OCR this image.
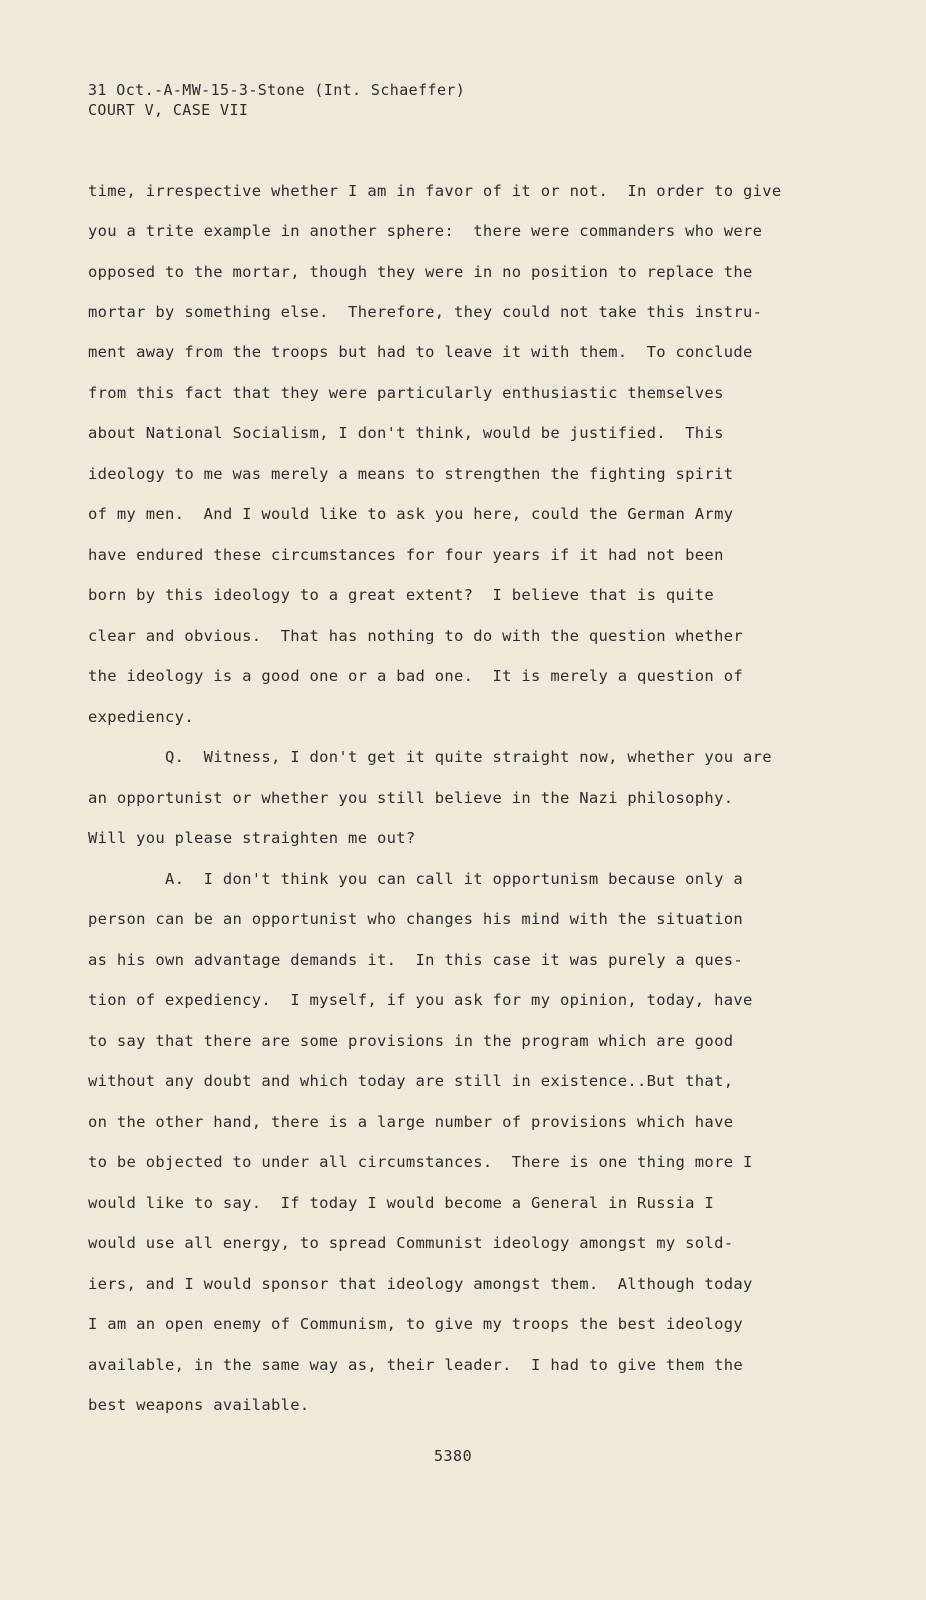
31 Oct.-A-MW-15-3-Stone (Int. Schaeffer)
COURT V, CASE VII
time, irrespective whether I am in favor of it or not.  In order to give
you a trite example in another sphere:  there were commanders who were
opposed to the mortar, though they were in no position to replace the
mortar by something else.  Therefore, they could not take this instru-
ment away from the troops but had to leave it with them.  To conclude
from this fact that they were particularly enthusiastic themselves
about National Socialism, I don't think, would be justified.  This
ideology to me was merely a means to strengthen the fighting spirit
of my men.  And I would like to ask you here, could the German Army
have endured these circumstances for four years if it had not been
born by this ideology to a great extent?  I believe that is quite
clear and obvious.  That has nothing to do with the question whether
the ideology is a good one or a bad one.  It is merely a question of
expediency.
Q.  Witness, I don't get it quite straight now, whether you are
an opportunist or whether you still believe in the Nazi philosophy.
Will you please straighten me out?
A.  I don't think you can call it opportunism because only a
person can be an opportunist who changes his mind with the situation
as his own advantage demands it.  In this case it was purely a ques-
tion of expediency.  I myself, if you ask for my opinion, today, have
to say that there are some provisions in the program which are good
without any doubt and which today are still in existence..But that,
on the other hand, there is a large number of provisions which have
to be objected to under all circumstances.  There is one thing more I
would like to say.  If today I would become a General in Russia I
would use all energy, to spread Communist ideology amongst my sold-
iers, and I would sponsor that ideology amongst them.  Although today
I am an open enemy of Communism, to give my troops the best ideology
available, in the same way as, their leader.  I had to give them the
best weapons available.
5380
